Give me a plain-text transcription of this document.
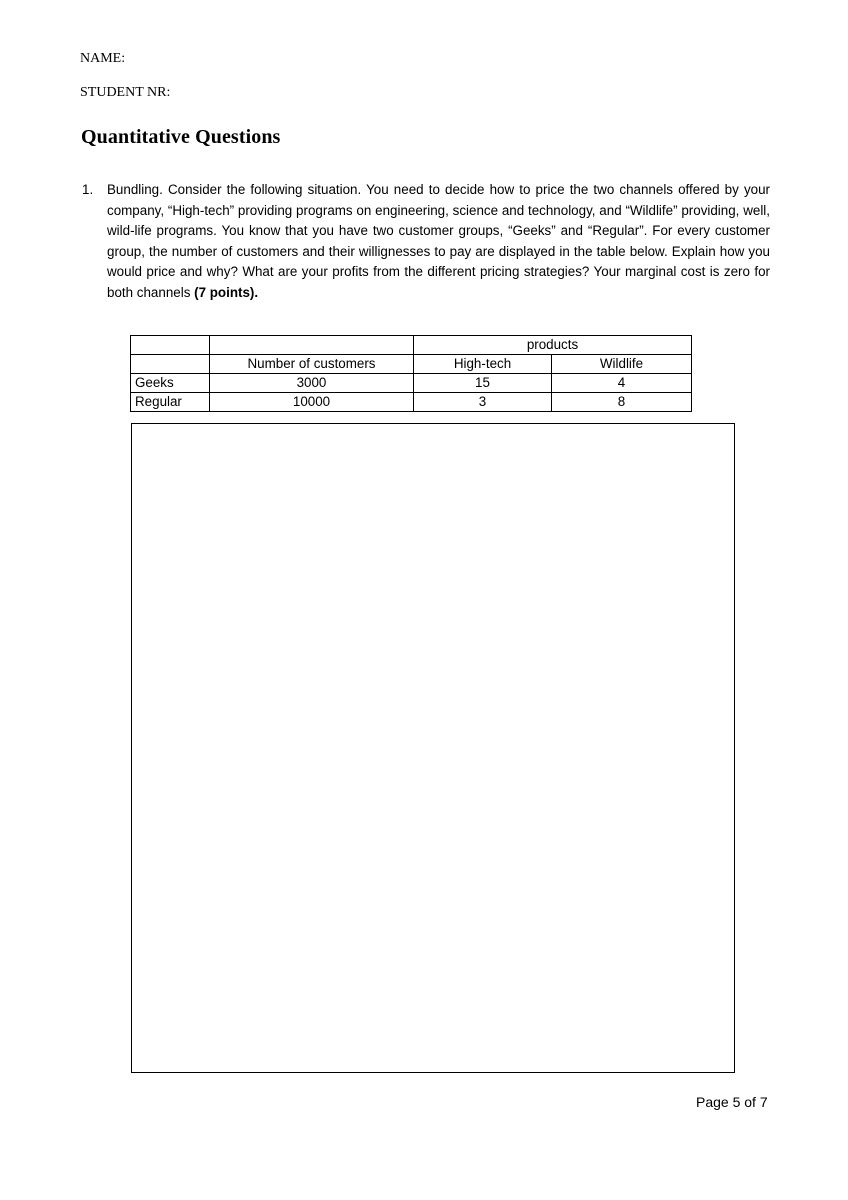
NAME:
STUDENT NR:
Quantitative Questions
1. Bundling. Consider the following situation. You need to decide how to price the two channels offered by your company, “High-tech” providing programs on engineering, science and technology, and “Wildlife” providing, well, wild-life programs. You know that you have two customer groups, “Geeks” and “Regular”. For every customer group, the number of customers and their willignesses to pay are displayed in the table below. Explain how you would price and why? What are your profits from the different pricing strategies? Your marginal cost is zero for both channels (7 points).
		products	
	Number of customers	High-tech	Wildlife
Geeks	3000	15	4
Regular	10000	3	8
Page 5 of 7
